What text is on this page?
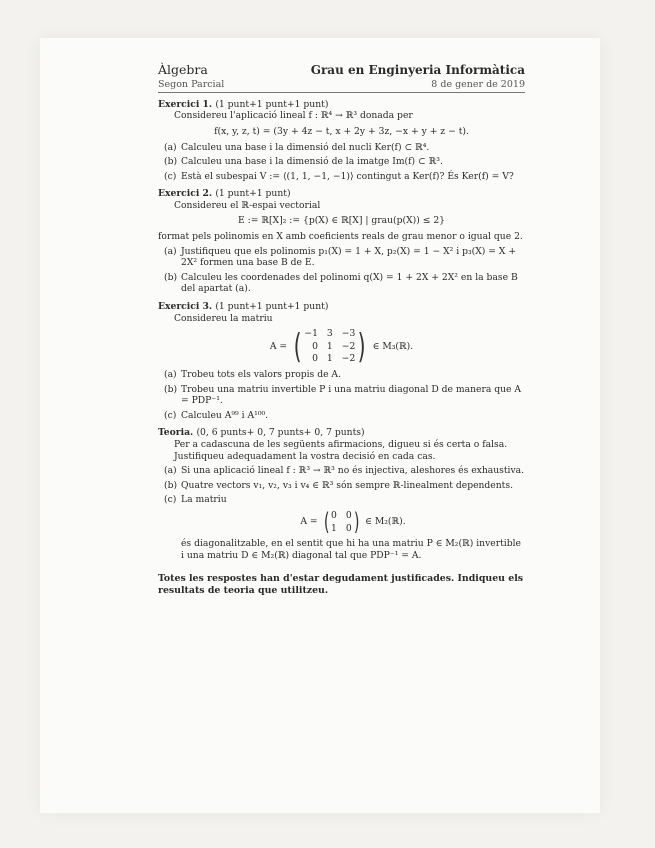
Àlgebra	Grau en Enginyeria Informàtica
Segon Parcial	8 de gener de 2019
Exercici 1. (1 punt+1 punt+1 punt)
Considereu l'aplicació lineal f : ℝ⁴ → ℝ³ donada per
f(x, y, z, t) = (3y + 4z − t, x + 2y + 3z, −x + y + z − t).
(a) Calculeu una base i la dimensió del nucli Ker(f) ⊂ ℝ⁴.
(b) Calculeu una base i la dimensió de la imatge Im(f) ⊂ ℝ³.
(c) Està el subespai V := ⟨(1, 1, −1, −1)⟩ contingut a Ker(f)? És Ker(f) = V?
Exercici 2. (1 punt+1 punt)
Considereu el ℝ-espai vectorial
E := ℝ[X]₂ := {p(X) ∈ ℝ[X] | grau(p(X)) ≤ 2}
format pels polinomis en X amb coeficients reals de grau menor o igual que 2.
(a) Justifiqueu que els polinomis p₁(X) = 1 + X, p₂(X) = 1 − X² i p₃(X) = X + 2X² formen una base B de E.
(b) Calculeu les coordenades del polinomi q(X) = 1 + 2X + 2X² en la base B del apartat (a).
Exercici 3. (1 punt+1 punt+1 punt)
Considereu la matriu
A = ( −1 3 −3
0 1 −2
0 1 −2 ) ∈ M₃(ℝ).
(a) Trobeu tots els valors propis de A.
(b) Trobeu una matriu invertible P i una matriu diagonal D de manera que A = PDP⁻¹.
(c) Calculeu A⁹⁹ i A¹⁰⁰.
Teoria. (0, 6 punts+ 0, 7 punts+ 0, 7 punts)
Per a cadascuna de les següents afirmacions, digueu si és certa o falsa. Justifiqueu adequadament la vostra decisió en cada cas.
(a) Si una aplicació lineal f : ℝ³ → ℝ³ no és injectiva, aleshores és exhaustiva.
(b) Quatre vectors v₁, v₂, v₃ i v₄ ∈ ℝ³ són sempre ℝ-linealment dependents.
(c) La matriu
A = ( 0 0
1 0 ) ∈ M₂(ℝ).
és diagonalitzable, en el sentit que hi ha una matriu P ∈ M₂(ℝ) invertible i una matriu D ∈ M₂(ℝ) diagonal tal que PDP⁻¹ = A.
Totes les respostes han d'estar degudament justificades. Indiqueu els resultats de teoria que utilitzeu.
